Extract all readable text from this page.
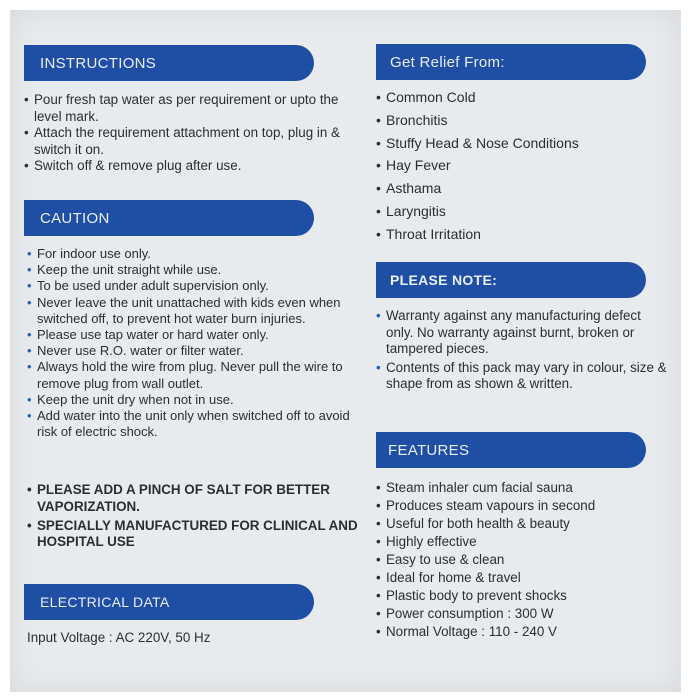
INSTRUCTIONS
• Pour fresh tap water as per requirement or upto the level mark.
• Attach the requirement attachment on top, plug in & switch it on.
• Switch off & remove plug after use.
CAUTION
• For indoor use only.
• Keep the unit straight while use.
• To be used under adult supervision only.
• Never leave the unit unattached with kids even when switched off, to prevent hot water burn injuries.
• Please use tap water or hard water only.
• Never use R.O. water or filter water.
• Always hold the wire from plug. Never pull the wire to remove plug from wall outlet.
• Keep the unit dry when not in use.
• Add water into the unit only when switched off to avoid risk of electric shock.
• PLEASE ADD A PINCH OF SALT FOR BETTER VAPORIZATION.
• SPECIALLY MANUFACTURED FOR CLINICAL AND HOSPITAL USE
ELECTRICAL DATA
Input Voltage : AC 220V, 50 Hz
Get Relief From:
• Common Cold
• Bronchitis
• Stuffy Head & Nose Conditions
• Hay Fever
• Asthama
• Laryngitis
• Throat Irritation
PLEASE NOTE:
• Warranty against any manufacturing defect only. No warranty against burnt, broken or tampered pieces.
• Contents of this pack may vary in colour, size & shape from as shown & written.
FEATURES
• Steam inhaler cum facial sauna
• Produces steam vapours in second
• Useful for both health & beauty
• Highly effective
• Easy to use & clean
• Ideal for home & travel
• Plastic body to prevent shocks
• Power consumption : 300 W
• Normal Voltage : 110 - 240 V
